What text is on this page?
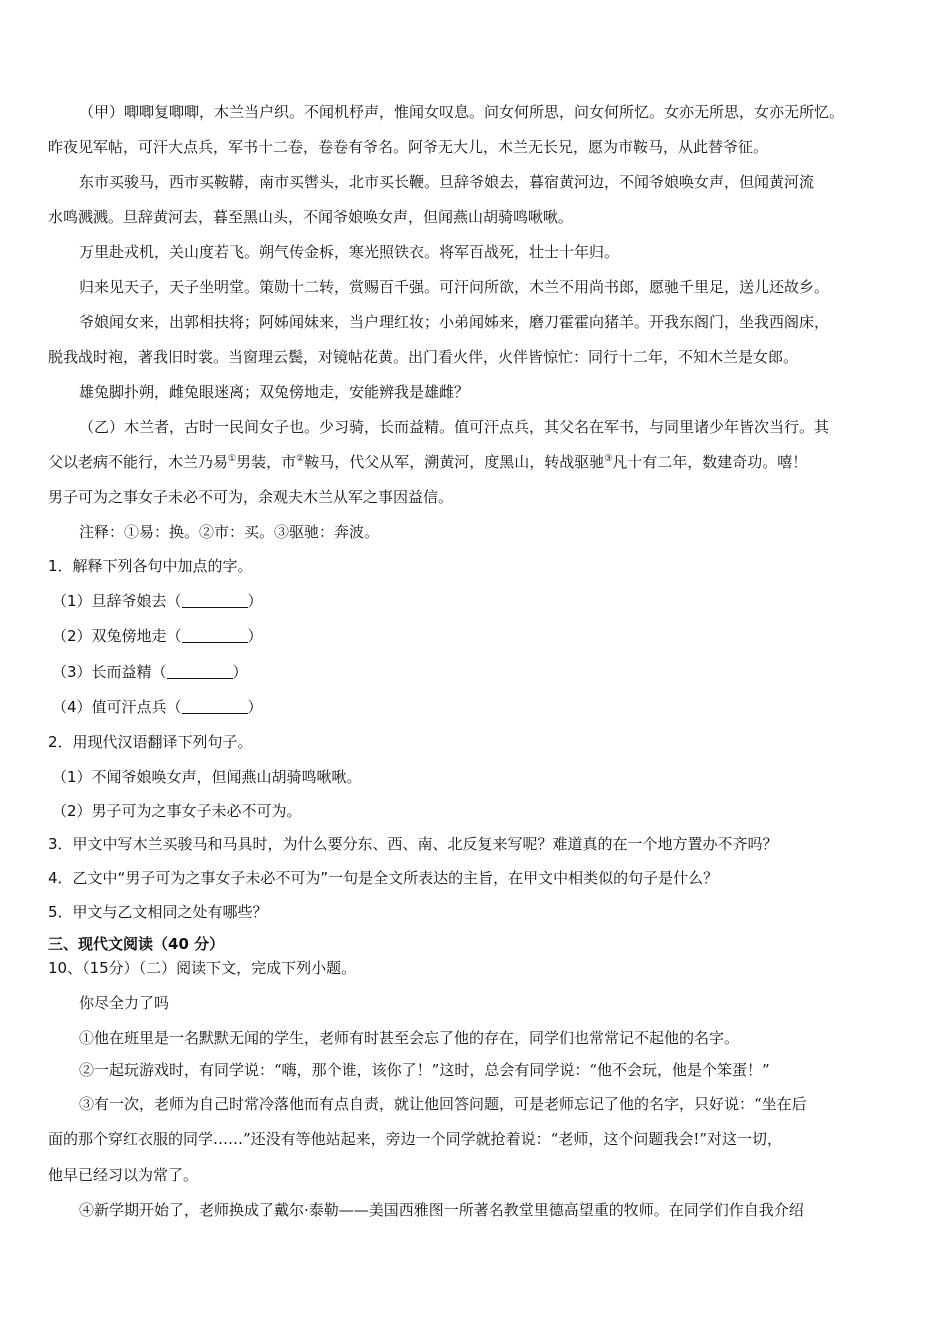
（甲）唧唧复唧唧，木兰当户织。不闻机杼声，惟闻女叹息。问女何所思，问女何所忆。女亦无所思，女亦无所忆。
昨夜见军帖，可汗大点兵，军书十二卷，卷卷有爷名。阿爷无大儿，木兰无长兄，愿为市鞍马，从此替爷征。
东市买骏马，西市买鞍鞯，南市买辔头，北市买长鞭。旦辞爷娘去，暮宿黄河边，不闻爷娘唤女声，但闻黄河流
水鸣溅溅。旦辞黄河去，暮至黑山头，不闻爷娘唤女声，但闻燕山胡骑鸣啾啾。
万里赴戎机，关山度若飞。朔气传金柝，寒光照铁衣。将军百战死，壮士十年归。
归来见天子，天子坐明堂。策勋十二转，赏赐百千强。可汗问所欲，木兰不用尚书郎，愿驰千里足，送儿还故乡。
爷娘闻女来，出郭相扶将；阿姊闻妹来，当户理红妆；小弟闻姊来，磨刀霍霍向猪羊。开我东阁门，坐我西阁床，
脱我战时袍，著我旧时裳。当窗理云鬓，对镜帖花黄。出门看火伴，火伴皆惊忙：同行十二年，不知木兰是女郎。
雄兔脚扑朔，雌兔眼迷离；双兔傍地走，安能辨我是雄雌？
（乙）木兰者，古时一民间女子也。少习骑，长而益精。值可汗点兵，其父名在军书，与同里诸少年皆次当行。其
父以老病不能行，木兰乃易①男装，市②鞍马，代父从军，溯黄河，度黑山，转战驱驰③凡十有二年，数建奇功。嘻！
男子可为之事女子未必不可为，余观夫木兰从军之事因益信。
注释：①易：换。②市：买。③驱驰：奔波。
1．解释下列各句中加点的字。
（1）旦辞爷娘去（	）
（2）双兔傍地走（	）
（3）长而益精（	）
（4）值可汗点兵（	）
2．用现代汉语翻译下列句子。
（1）不闻爷娘唤女声，但闻燕山胡骑鸣啾啾。
（2）男子可为之事女子未必不可为。
3．甲文中写木兰买骏马和马具时，为什么要分东、西、南、北反复来写呢？难道真的在一个地方置办不齐吗？
4．乙文中“男子可为之事女子未必不可为”一句是全文所表达的主旨，在甲文中相类似的句子是什么？
5．甲文与乙文相同之处有哪些？
三、现代文阅读（40 分）
10、（15分）（二）阅读下文，完成下列小题。
你尽全力了吗
①他在班里是一名默默无闻的学生，老师有时甚至会忘了他的存在，同学们也常常记不起他的名字。
②一起玩游戏时，有同学说：“嗨，那个谁，该你了！”这时，总会有同学说：“他不会玩，他是个笨蛋！”
③有一次，老师为自己时常冷落他而有点自责，就让他回答问题，可是老师忘记了他的名字，只好说：“坐在后
面的那个穿红衣服的同学……”还没有等他站起来，旁边一个同学就抢着说：“老师，这个问题我会!”对这一切，
他早已经习以为常了。
④新学期开始了，老师换成了戴尔·泰勒——美国西雅图一所著名教堂里德高望重的牧师。在同学们作自我介绍
